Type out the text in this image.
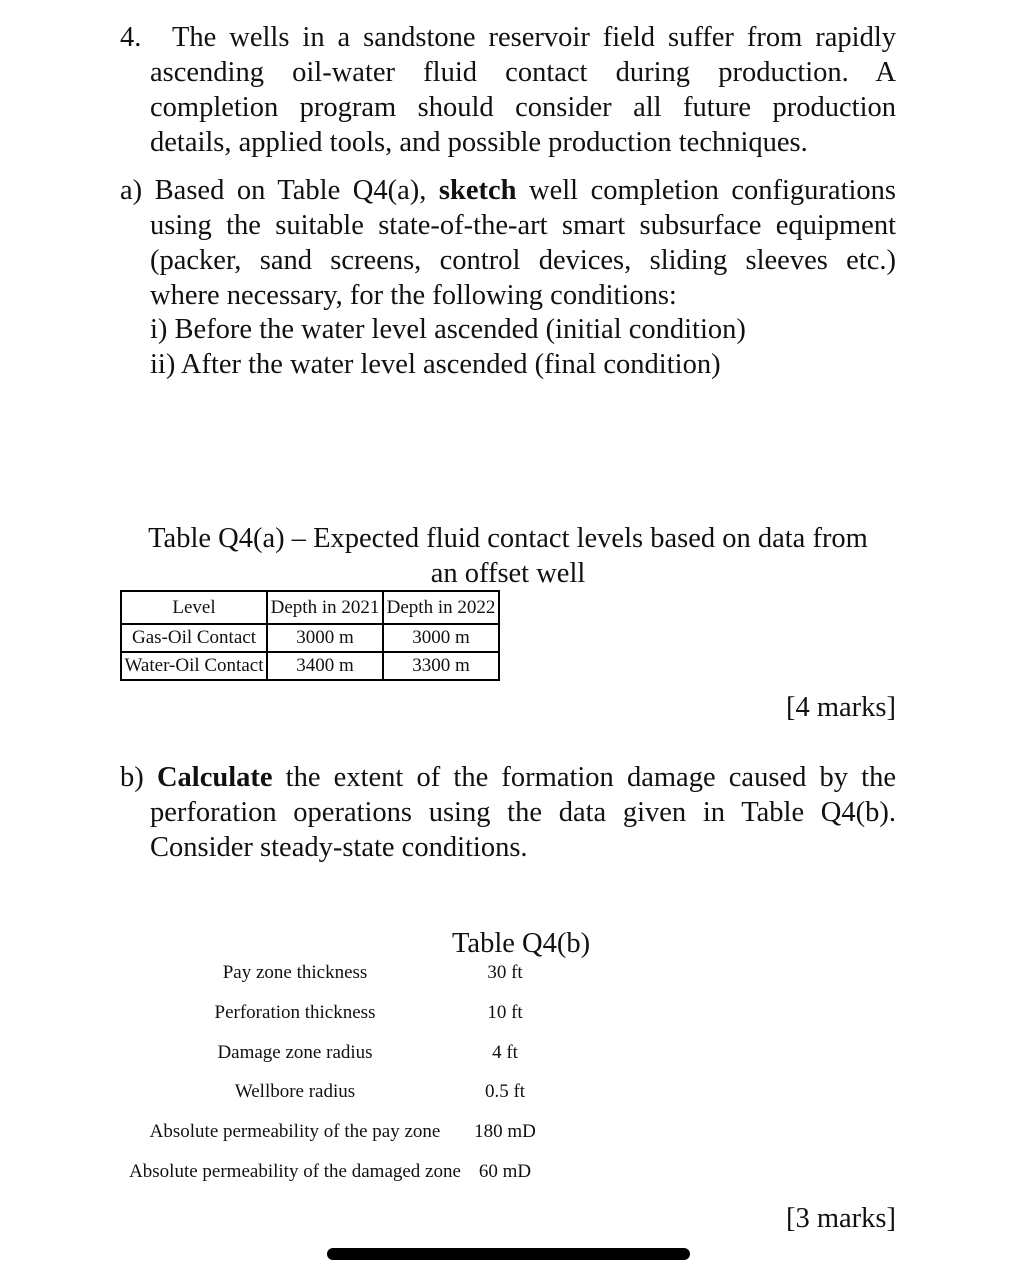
4. The wells in a sandstone reservoir field suffer from rapidly
ascending oil-water fluid contact during production. A
completion program should consider all future production
details, applied tools, and possible production techniques.
a) Based on Table Q4(a), sketch well completion configurations
using the suitable state-of-the-art smart subsurface equipment
(packer, sand screens, control devices, sliding sleeves etc.)
where necessary, for the following conditions:
i) Before the water level ascended (initial condition)
ii) After the water level ascended (final condition)
Table Q4(a) – Expected fluid contact levels based on data from
an offset well
Level	Depth in 2021	Depth in 2022
Gas-Oil Contact	3000 m	3000 m
Water-Oil Contact	3400 m	3300 m
[4 marks]
b) Calculate the extent of the formation damage caused by the
perforation operations using the data given in Table Q4(b).
Consider steady-state conditions.
Table Q4(b)
Pay zone thickness	30 ft
Perforation thickness	10 ft
Damage zone radius	4 ft
Wellbore radius	0.5 ft
Absolute permeability of the pay zone 180 mD
Absolute permeability of the damaged zone 60 mD
[3 marks]
